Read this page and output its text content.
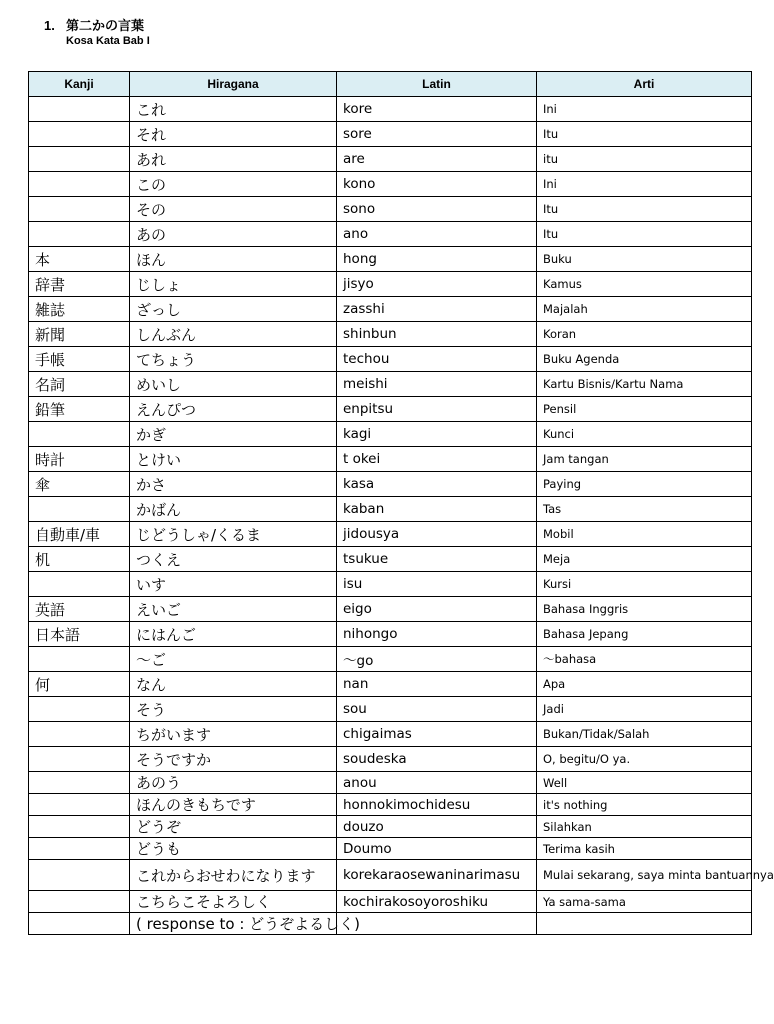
1. 第二かの言葉
Kosa Kata Bab I
Kanji	Hiragana	Latin	Arti
	これ	kore	Ini
	それ	sore	Itu
	あれ	are	itu
	この	kono	Ini
	その	sono	Itu
	あの	ano	Itu
本	ほん	hong	Buku
辞書	じしょ	jisyo	Kamus
雑誌	ざっし	zasshi	Majalah
新聞	しんぶん	shinbun	Koran
手帳	てちょう	techou	Buku Agenda
名詞	めいし	meishi	Kartu Bisnis/Kartu Nama
鉛筆	えんぴつ	enpitsu	Pensil
	かぎ	kagi	Kunci
時計	とけい	t okei	Jam tangan
傘	かさ	kasa	Paying
	かばん	kaban	Tas
自動車/車	じどうしゃ/くるま	jidousya	Mobil
机	つくえ	tsukue	Meja
	いす	isu	Kursi
英語	えいご	eigo	Bahasa Inggris
日本語	にはんご	nihongo	Bahasa Jepang
	～ご	～go	～bahasa
何	なん	nan	Apa
	そう	sou	Jadi
	ちがいます	chigaimas	Bukan/Tidak/Salah
	そうですか	soudeska	O, begitu/O ya.
	あのう	anou	Well
	ほんのきもちです	honnokimochidesu	it's nothing
	どうぞ	douzo	Silahkan
	どうも	Doumo	Terima kasih
	これからおせわになります	korekaraosewaninarimasu	Mulai sekarang, saya minta bantuannya
	こちらこそよろしく	kochirakosoyoroshiku	Ya sama-sama
	( response to : どうぞよるしく)		
